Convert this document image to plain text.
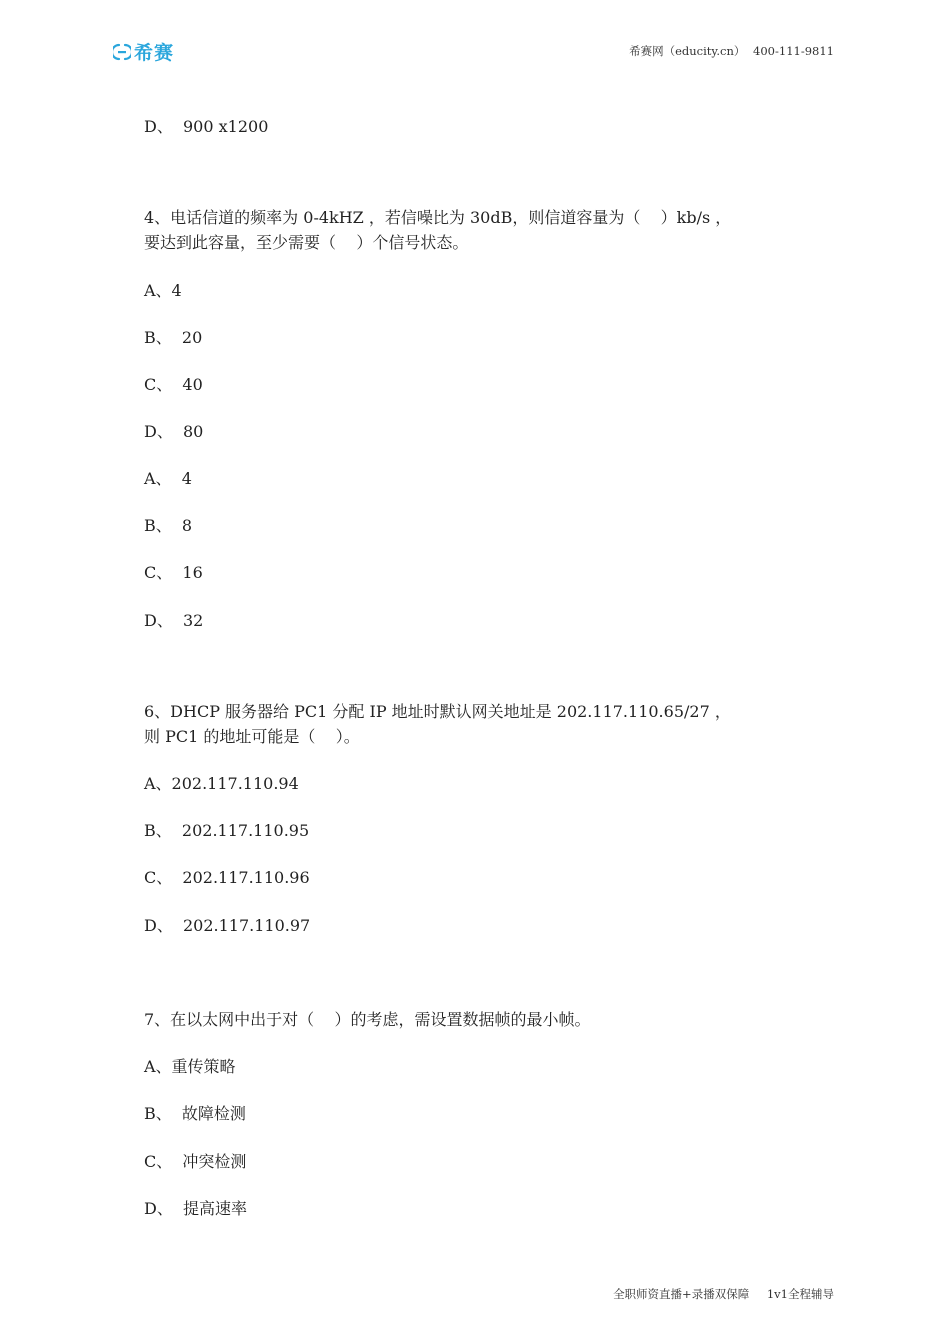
希赛	希赛网（educity.cn） 400-111-9811
D、  900 x1200
4、电话信道的频率为 0-4kHZ ，若信噪比为 30dB，则信道容量为（    ）kb/s ，
要达到此容量，至少需要（    ）个信号状态。
A、4
B、  20
C、  40
D、  80
A、  4
B、  8
C、  16
D、  32
6、DHCP 服务器给 PC1 分配 IP 地址时默认网关地址是 202.117.110.65/27 ，
则 PC1 的地址可能是（    ）。
A、202.117.110.94
B、  202.117.110.95
C、  202.117.110.96
D、  202.117.110.97
7、在以太网中出于对（    ）的考虑，需设置数据帧的最小帧。
A、重传策略
B、  故障检测
C、  冲突检测
D、  提高速率
全职师资直播+录播双保障 1v1全程辅导
